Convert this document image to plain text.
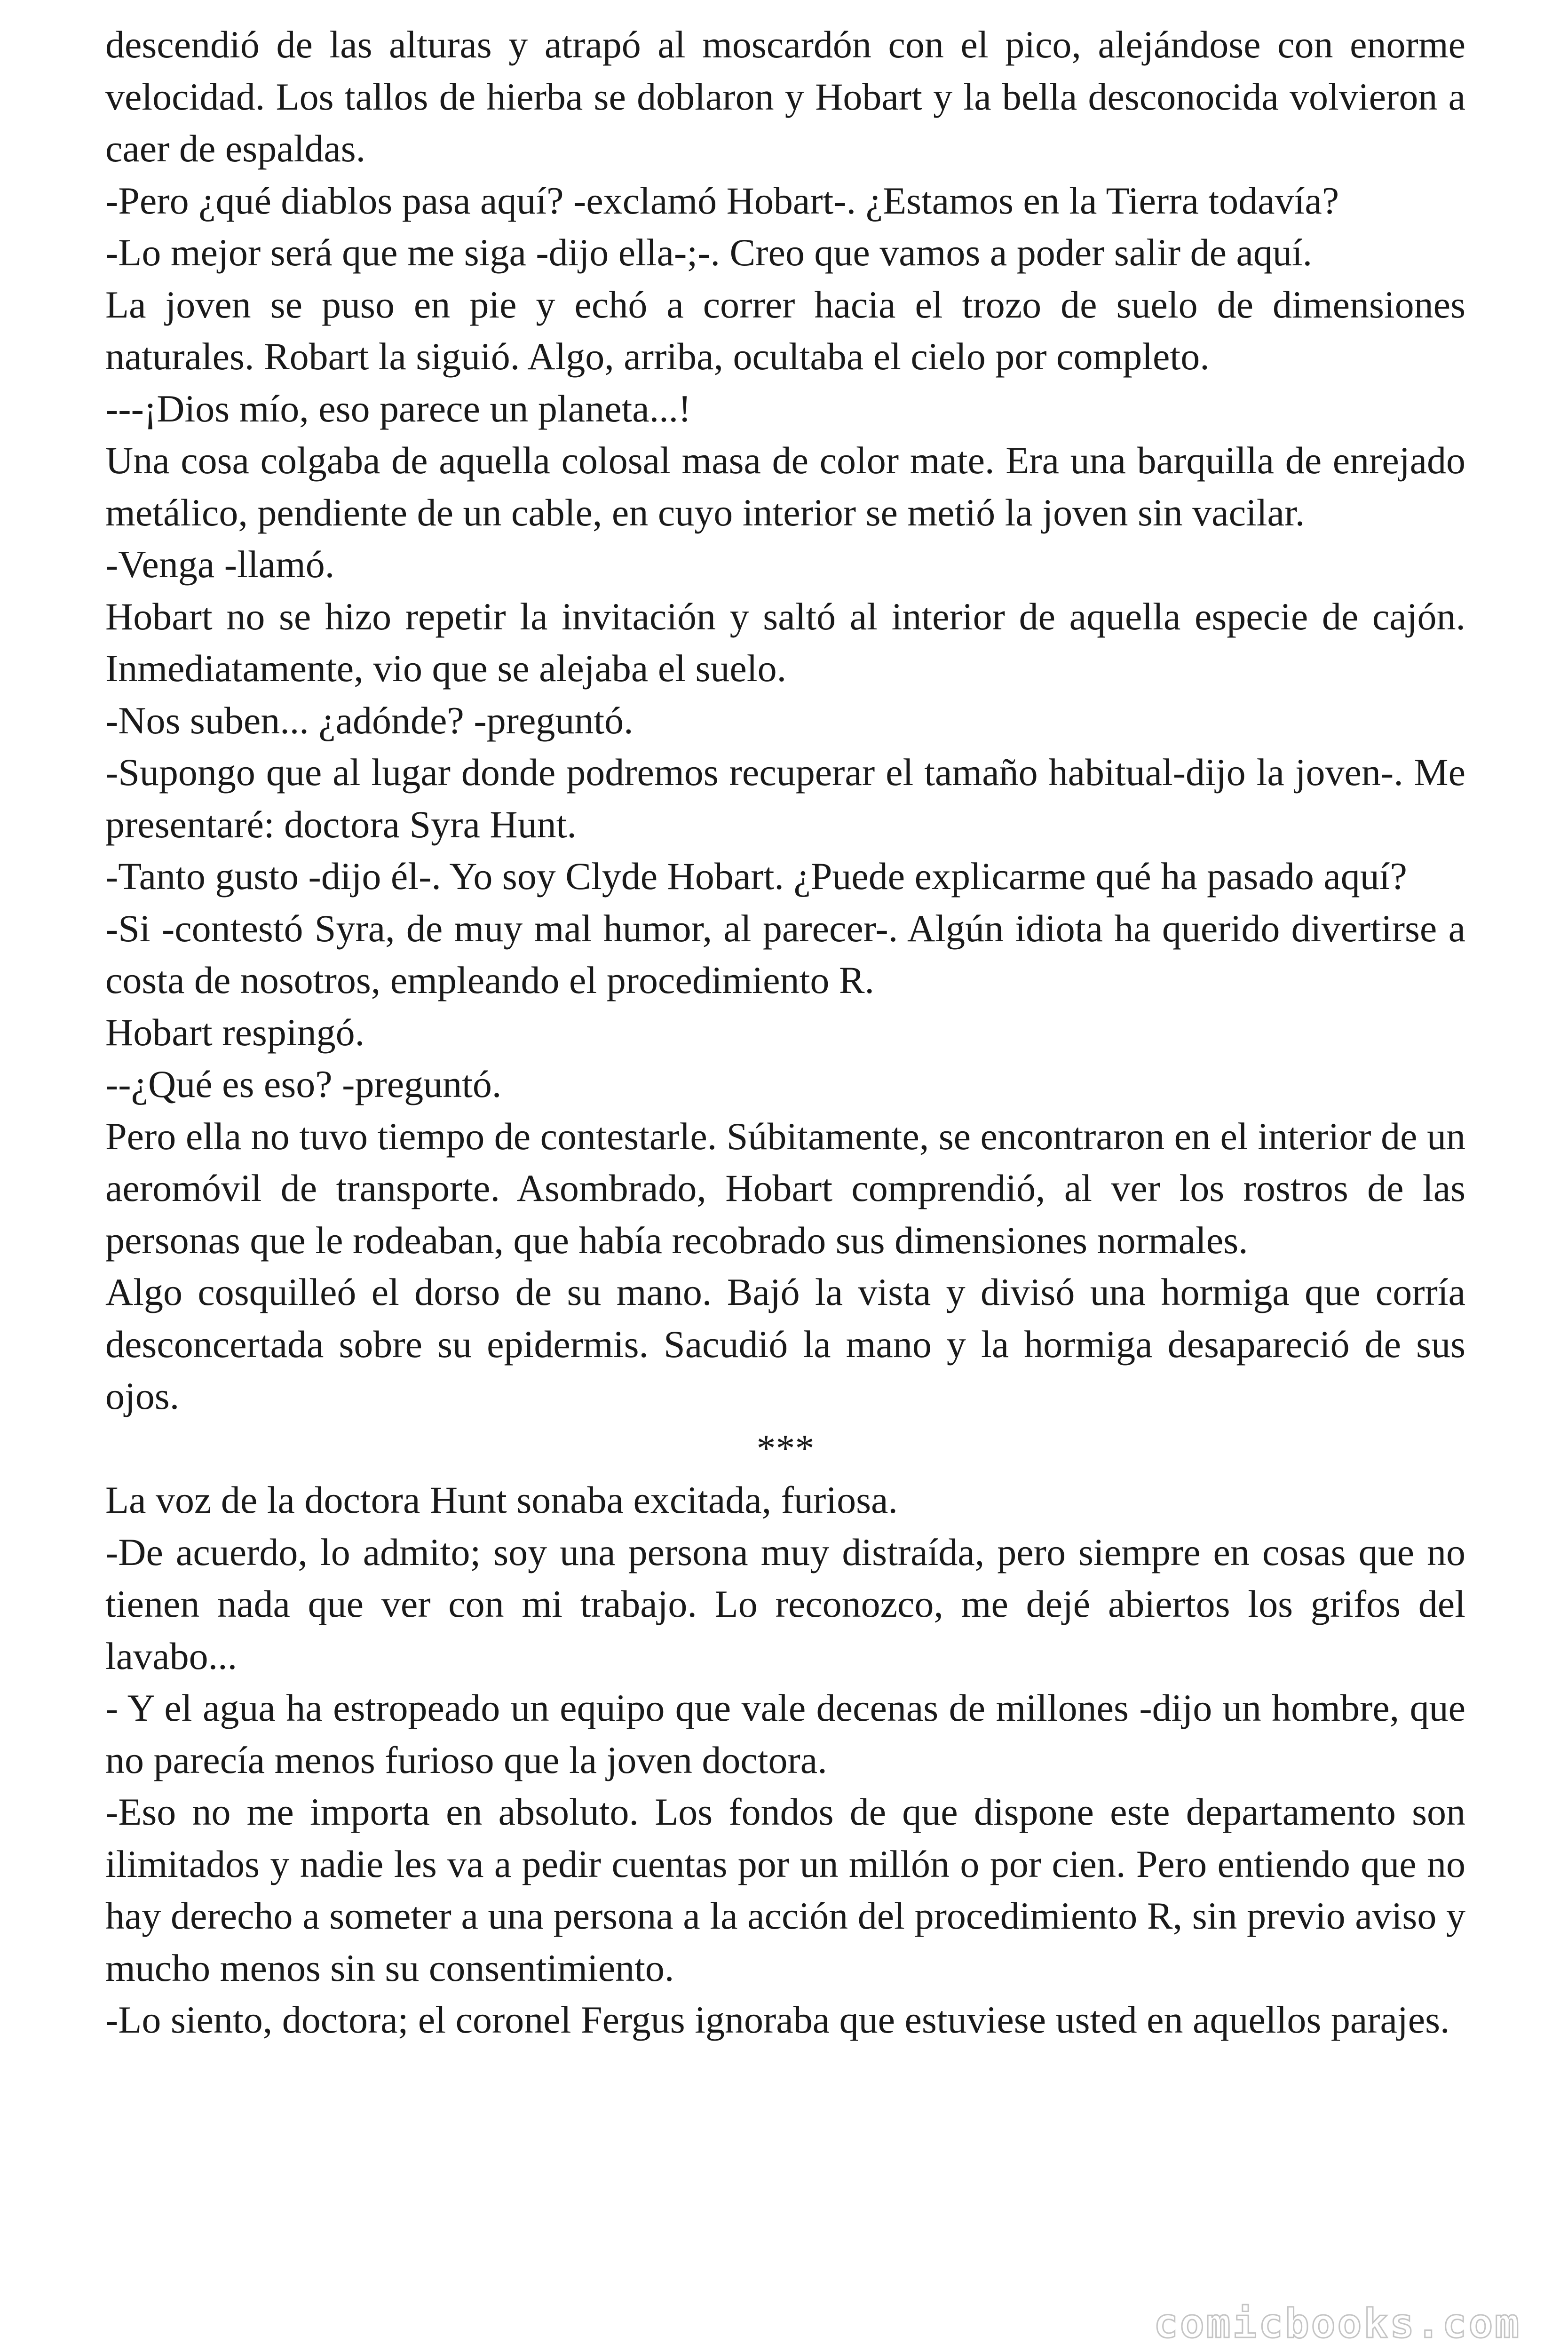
descendió de las alturas y atrapó al moscardón con el pico, alejándose con enorme velocidad. Los tallos de hierba se doblaron y Hobart y la bella desconocida volvieron a caer de espaldas.

-Pero ¿qué diablos pasa aquí? -exclamó Hobart-. ¿Estamos en la Tierra todavía?

-Lo mejor será que me siga -dijo ella-;-. Creo que vamos a poder salir de aquí.

La joven se puso en pie y echó a correr hacia el trozo de suelo de dimensiones naturales. Robart la siguió. Algo, arriba, ocultaba el cielo por completo.

---¡Dios mío, eso parece un planeta...!

Una cosa colgaba de aquella colosal masa de color mate. Era una barquilla de enrejado metálico, pendiente de un cable, en cuyo interior se metió la joven sin vacilar.

-Venga -llamó.

Hobart no se hizo repetir la invitación y saltó al interior de aquella especie de cajón. Inmediatamente, vio que se alejaba el suelo.

-Nos suben... ¿adónde? -preguntó.

-Supongo que al lugar donde podremos recuperar el tamaño habitual-dijo la joven-. Me presentaré: doctora Syra Hunt.

-Tanto gusto -dijo él-. Yo soy Clyde Hobart. ¿Puede explicarme qué ha pasado aquí?

-Si -contestó Syra, de muy mal humor, al parecer-. Algún idiota ha querido divertirse a costa de nosotros, empleando el procedimiento R.

Hobart respingó.

--¿Qué es eso? -preguntó.

Pero ella no tuvo tiempo de contestarle. Súbitamente, se encontraron en el interior de un aeromóvil de transporte. Asombrado, Hobart comprendió, al ver los rostros de las personas que le rodeaban, que había recobrado sus dimensiones normales.

Algo cosquilleó el dorso de su mano. Bajó la vista y divisó una hormiga que corría desconcertada sobre su epidermis. Sacudió la mano y la hormiga desapareció de sus ojos.

***

La voz de la doctora Hunt sonaba excitada, furiosa.

-De acuerdo, lo admito; soy una persona muy distraída, pero siempre en cosas que no tienen nada que ver con mi trabajo. Lo reconozco, me dejé abiertos los grifos del lavabo...

- Y el agua ha estropeado un equipo que vale decenas de millones -dijo un hombre, que no parecía menos furioso que la joven doctora.

-Eso no me importa en absoluto. Los fondos de que dispone este departamento son ilimitados y nadie les va a pedir cuentas por un millón o por cien. Pero entiendo que no hay derecho a someter a una persona a la acción del procedimiento R, sin previo aviso y mucho menos sin su consentimiento.

-Lo siento, doctora; el coronel Fergus ignoraba que estuviese usted en aquellos parajes.

comicbooks.com
